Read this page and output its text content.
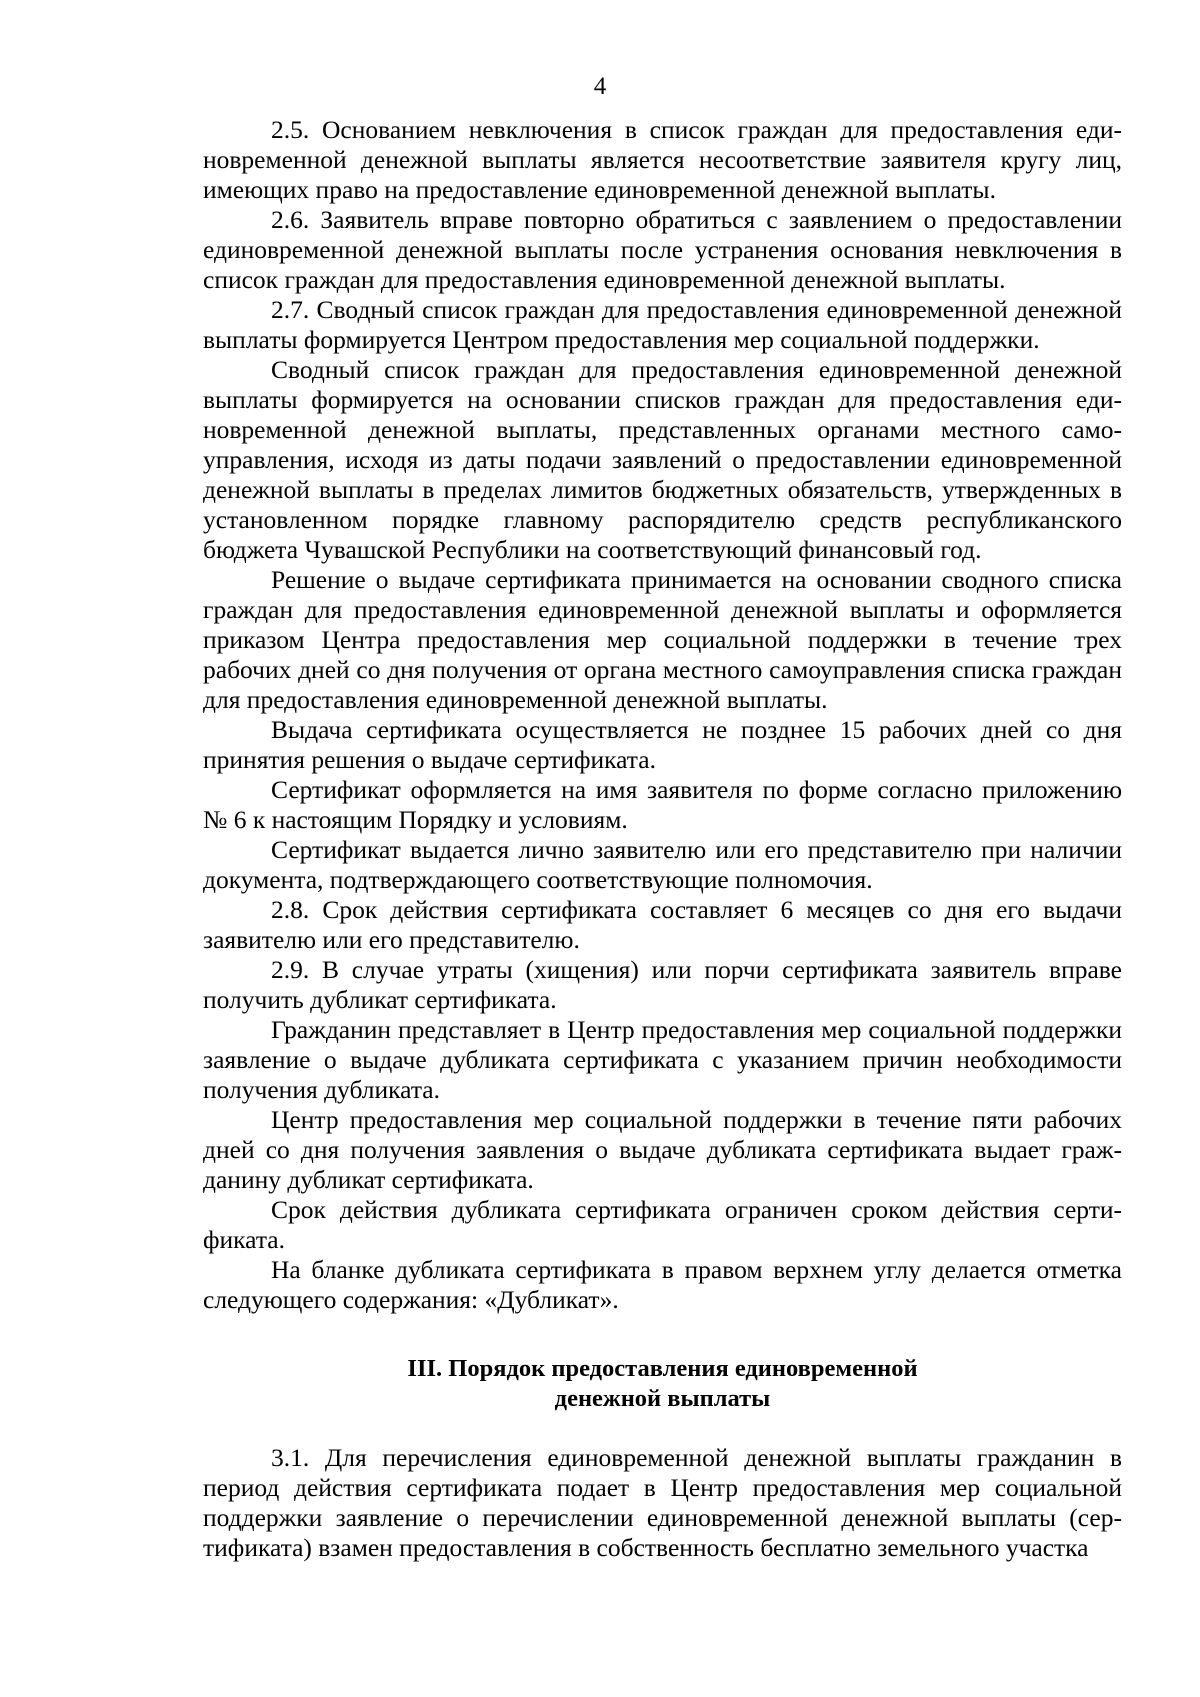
4

2.5. Основанием невключения в список граждан для предоставления единовременной денежной выплаты является несоответствие заявителя кругу лиц, имеющих право на предоставление единовременной денежной выплаты.

2.6. Заявитель вправе повторно обратиться с заявлением о предоставлении единовременной денежной выплаты после устранения основания невключения в список граждан для предоставления единовременной денежной выплаты.

2.7. Сводный список граждан для предоставления единовременной денежной выплаты формируется Центром предоставления мер социальной поддержки.

Сводный список граждан для предоставления единовременной денежной выплаты формируется на основании списков граждан для предоставления единовременной денежной выплаты, представленных органами местного самоуправления, исходя из даты подачи заявлений о предоставлении единовременной денежной выплаты в пределах лимитов бюджетных обязательств, утвержденных в установленном порядке главному распорядителю средств республиканского бюджета Чувашской Республики на соответствующий финансовый год.

Решение о выдаче сертификата принимается на основании сводного списка граждан для предоставления единовременной денежной выплаты и оформляется приказом Центра предоставления мер социальной поддержки в течение трех рабочих дней со дня получения от органа местного самоуправления списка граждан для предоставления единовременной денежной выплаты.

Выдача сертификата осуществляется не позднее 15 рабочих дней со дня принятия решения о выдаче сертификата.

Сертификат оформляется на имя заявителя по форме согласно приложению № 6 к настоящим Порядку и условиям.

Сертификат выдается лично заявителю или его представителю при наличии документа, подтверждающего соответствующие полномочия.

2.8. Срок действия сертификата составляет 6 месяцев со дня его выдачи заявителю или его представителю.

2.9. В случае утраты (хищения) или порчи сертификата заявитель вправе получить дубликат сертификата.

Гражданин представляет в Центр предоставления мер социальной поддержки заявление о выдаче дубликата сертификата с указанием причин необходимости получения дубликата.

Центр предоставления мер социальной поддержки в течение пяти рабочих дней со дня получения заявления о выдаче дубликата сертификата выдает гражданину дубликат сертификата.

Срок действия дубликата сертификата ограничен сроком действия сертификата.

На бланке дубликата сертификата в правом верхнем углу делается отметка следующего содержания: «Дубликат».

III. Порядок предоставления единовременной
денежной выплаты

3.1. Для перечисления единовременной денежной выплаты гражданин в период действия сертификата подает в Центр предоставления мер социальной поддержки заявление о перечислении единовременной денежной выплаты (сертификата) взамен предоставления в собственность бесплатно земельного участка
